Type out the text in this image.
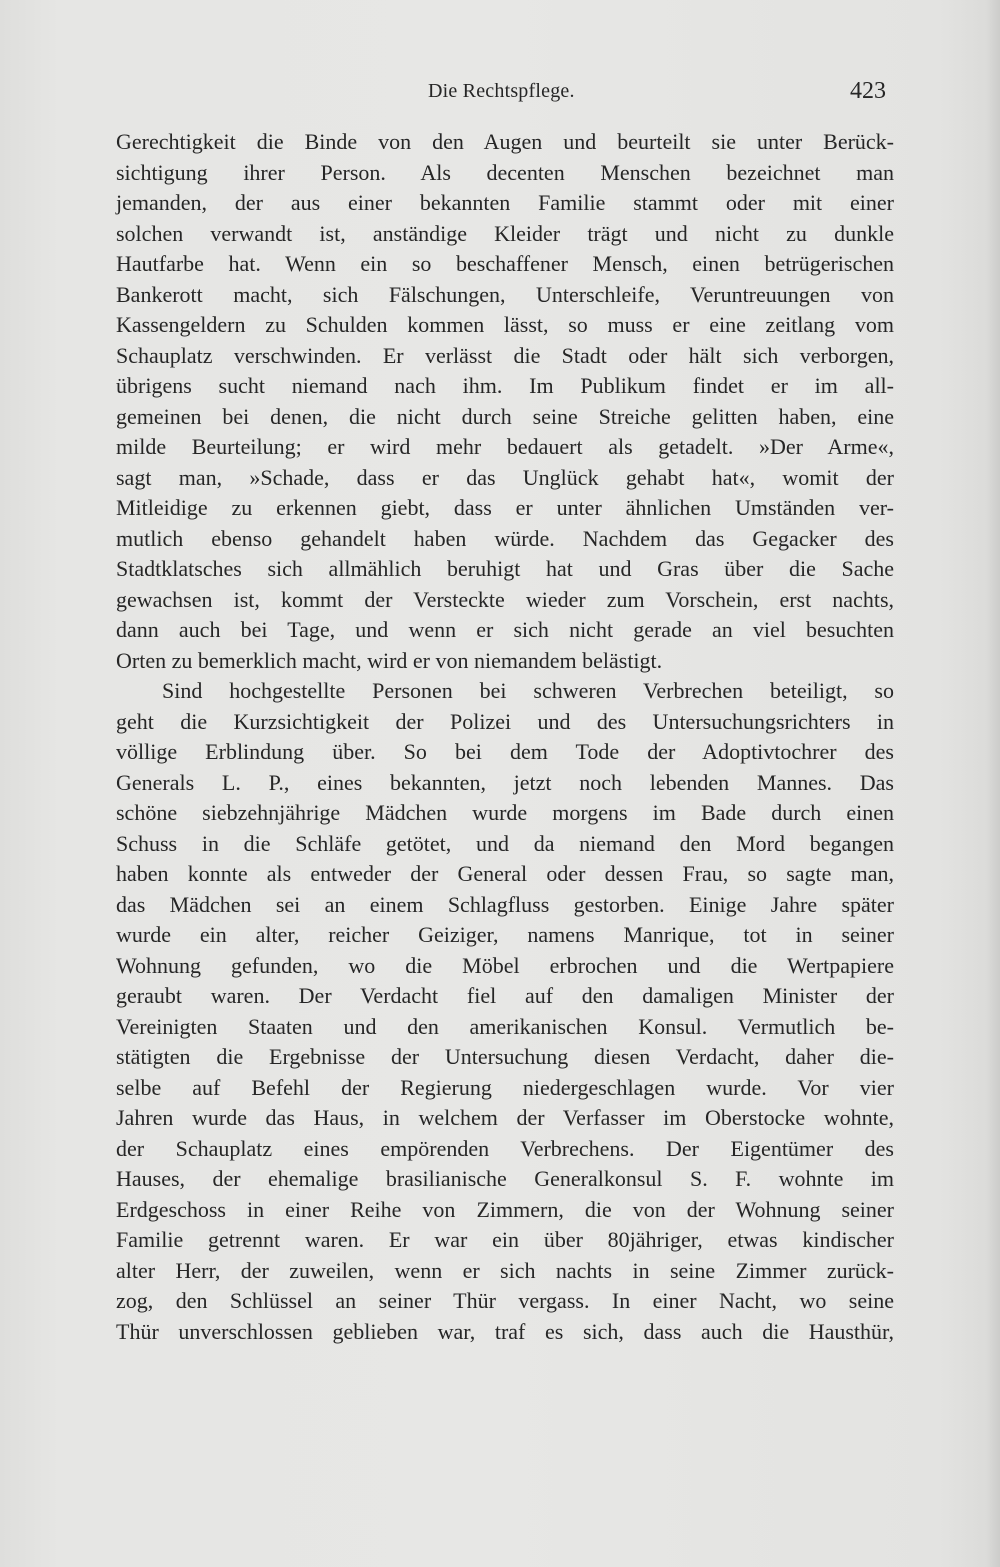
Die Rechtspflege.	423
Gerechtigkeit die Binde von den Augen und beurteilt sie unter Berück-
sichtigung ihrer Person. Als decenten Menschen bezeichnet man
jemanden, der aus einer bekannten Familie stammt oder mit einer
solchen verwandt ist, anständige Kleider trägt und nicht zu dunkle
Hautfarbe hat. Wenn ein so beschaffener Mensch, einen betrügerischen
Bankerott macht, sich Fälschungen, Unterschleife, Veruntreuungen von
Kassengeldern zu Schulden kommen lässt, so muss er eine zeitlang vom
Schauplatz verschwinden. Er verlässt die Stadt oder hält sich verborgen,
übrigens sucht niemand nach ihm. Im Publikum findet er im all-
gemeinen bei denen, die nicht durch seine Streiche gelitten haben, eine
milde Beurteilung; er wird mehr bedauert als getadelt. »Der Arme«,
sagt man, »Schade, dass er das Unglück gehabt hat«, womit der
Mitleidige zu erkennen giebt, dass er unter ähnlichen Umständen ver-
mutlich ebenso gehandelt haben würde. Nachdem das Gegacker des
Stadtklatsches sich allmählich beruhigt hat und Gras über die Sache
gewachsen ist, kommt der Versteckte wieder zum Vorschein, erst nachts,
dann auch bei Tage, und wenn er sich nicht gerade an viel besuchten
Orten zu bemerklich macht, wird er von niemandem belästigt.
Sind hochgestellte Personen bei schweren Verbrechen beteiligt, so
geht die Kurzsichtigkeit der Polizei und des Untersuchungsrichters in
völlige Erblindung über. So bei dem Tode der Adoptivtochrer des
Generals L. P., eines bekannten, jetzt noch lebenden Mannes. Das
schöne siebzehnjährige Mädchen wurde morgens im Bade durch einen
Schuss in die Schläfe getötet, und da niemand den Mord begangen
haben konnte als entweder der General oder dessen Frau, so sagte man,
das Mädchen sei an einem Schlagfluss gestorben. Einige Jahre später
wurde ein alter, reicher Geiziger, namens Manrique, tot in seiner
Wohnung gefunden, wo die Möbel erbrochen und die Wertpapiere
geraubt waren. Der Verdacht fiel auf den damaligen Minister der
Vereinigten Staaten und den amerikanischen Konsul. Vermutlich be-
stätigten die Ergebnisse der Untersuchung diesen Verdacht, daher die-
selbe auf Befehl der Regierung niedergeschlagen wurde. Vor vier
Jahren wurde das Haus, in welchem der Verfasser im Oberstocke wohnte,
der Schauplatz eines empörenden Verbrechens. Der Eigentümer des
Hauses, der ehemalige brasilianische Generalkonsul S. F. wohnte im
Erdgeschoss in einer Reihe von Zimmern, die von der Wohnung seiner
Familie getrennt waren. Er war ein über 80jähriger, etwas kindischer
alter Herr, der zuweilen, wenn er sich nachts in seine Zimmer zurück-
zog, den Schlüssel an seiner Thür vergass. In einer Nacht, wo seine
Thür unverschlossen geblieben war, traf es sich, dass auch die Hausthür,
